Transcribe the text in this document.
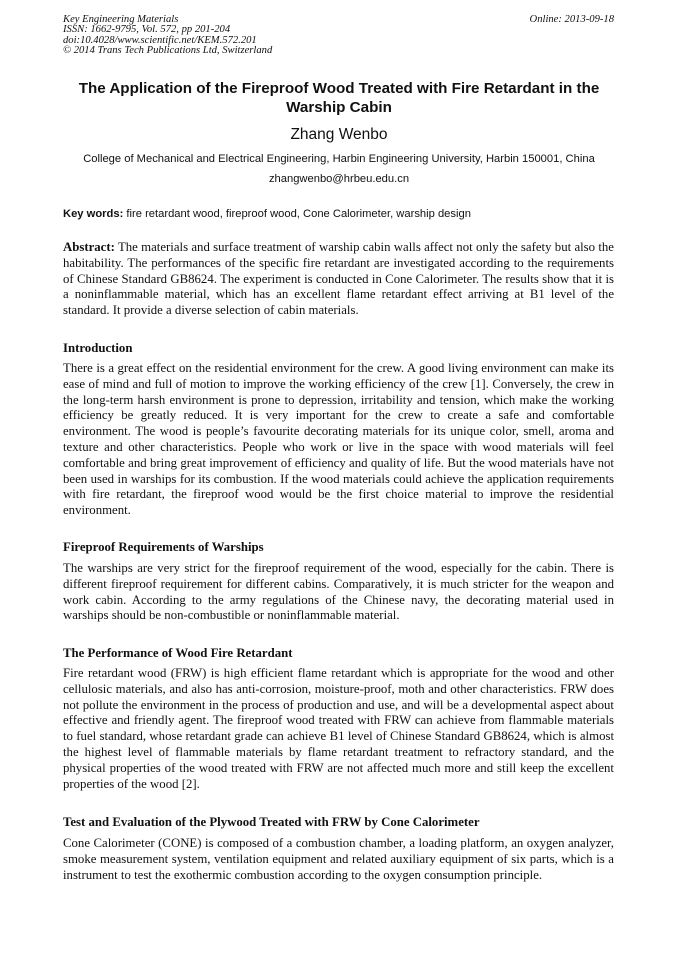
Key Engineering Materials
ISSN: 1662-9795, Vol. 572, pp 201-204
doi:10.4028/www.scientific.net/KEM.572.201
© 2014 Trans Tech Publications Ltd, Switzerland
Online: 2013-09-18
The Application of the Fireproof Wood Treated with Fire Retardant in the Warship Cabin
Zhang Wenbo
College of Mechanical and Electrical Engineering, Harbin Engineering University, Harbin 150001, China
zhangwenbo@hrbeu.edu.cn
Key words: fire retardant wood, fireproof wood, Cone Calorimeter, warship design
Abstract: The materials and surface treatment of warship cabin walls affect not only the safety but also the habitability. The performances of the specific fire retardant are investigated according to the requirements of Chinese Standard GB8624. The experiment is conducted in Cone Calorimeter. The results show that it is a noninflammable material, which has an excellent flame retardant effect arriving at B1 level of the standard. It provide a diverse selection of cabin materials.
Introduction
There is a great effect on the residential environment for the crew. A good living environment can make its ease of mind and full of motion to improve the working efficiency of the crew [1]. Conversely, the crew in the long-term harsh environment is prone to depression, irritability and tension, which make the working efficiency be greatly reduced. It is very important for the crew to create a safe and comfortable environment. The wood is people’s favourite decorating materials for its unique color, smell, aroma and texture and other characteristics. People who work or live in the space with wood materials will feel comfortable and bring great improvement of efficiency and quality of life. But the wood materials have not been used in warships for its combustion. If the wood materials could achieve the application requirements with fire retardant, the fireproof wood would be the first choice material to improve the residential environment.
Fireproof Requirements of Warships
The warships are very strict for the fireproof requirement of the wood, especially for the cabin. There is different fireproof requirement for different cabins. Comparatively, it is much stricter for the weapon and work cabin. According to the army regulations of the Chinese navy, the decorating material used in warships should be non-combustible or noninflammable material.
The Performance of Wood Fire Retardant
Fire retardant wood (FRW) is high efficient flame retardant which is appropriate for the wood and other cellulosic materials, and also has anti-corrosion, moisture-proof, moth and other characteristics. FRW does not pollute the environment in the process of production and use, and will be a developmental aspect about effective and friendly agent. The fireproof wood treated with FRW can achieve from flammable materials to fuel standard, whose retardant grade can achieve B1 level of Chinese Standard GB8624, which is almost the highest level of flammable materials by flame retardant treatment to refractory standard, and the physical properties of the wood treated with FRW are not affected much more and still keep the excellent properties of the wood [2].
Test and Evaluation of the Plywood Treated with FRW by Cone Calorimeter
Cone Calorimeter (CONE) is composed of a combustion chamber, a loading platform, an oxygen analyzer, smoke measurement system, ventilation equipment and related auxiliary equipment of six parts, which is a instrument to test the exothermic combustion according to the oxygen consumption principle.
